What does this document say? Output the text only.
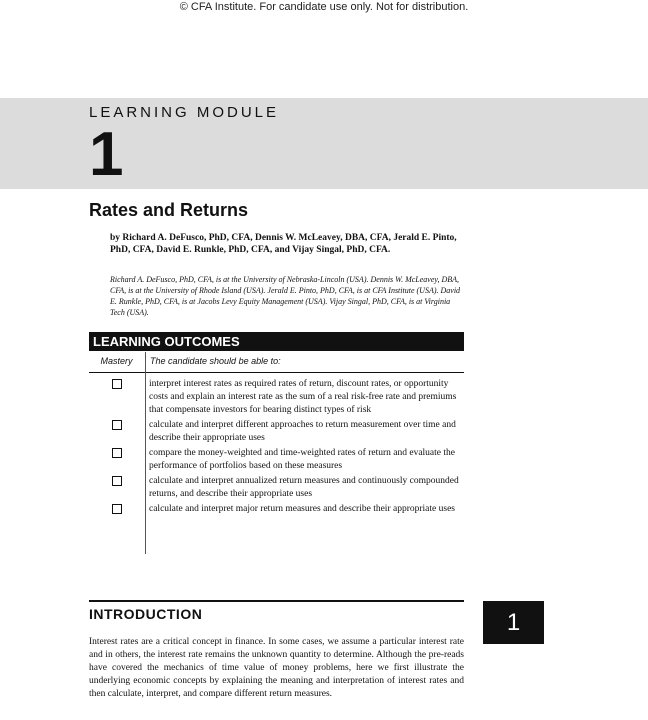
© CFA Institute. For candidate use only. Not for distribution.
LEARNING MODULE
1
Rates and Returns
by Richard A. DeFusco, PhD, CFA, Dennis W. McLeavey, DBA, CFA, Jerald E. Pinto, PhD, CFA, David E. Runkle, PhD, CFA, and Vijay Singal, PhD, CFA.
Richard A. DeFusco, PhD, CFA, is at the University of Nebraska-Lincoln (USA). Dennis W. McLeavey, DBA, CFA, is at the University of Rhode Island (USA). Jerald E. Pinto, PhD, CFA, is at CFA Institute (USA). David E. Runkle, PhD, CFA, is at Jacobs Levy Equity Management (USA). Vijay Singal, PhD, CFA, is at Virginia Tech (USA).
LEARNING OUTCOMES
Mastery	The candidate should be able to:
interpret interest rates as required rates of return, discount rates, or opportunity costs and explain an interest rate as the sum of a real risk-free rate and premiums that compensate investors for bearing distinct types of risk
calculate and interpret different approaches to return measurement over time and describe their appropriate uses
compare the money-weighted and time-weighted rates of return and evaluate the performance of portfolios based on these measures
calculate and interpret annualized return measures and continuously compounded returns, and describe their appropriate uses
calculate and interpret major return measures and describe their appropriate uses
INTRODUCTION	1
Interest rates are a critical concept in finance. In some cases, we assume a particular interest rate and in others, the interest rate remains the unknown quantity to determine. Although the pre-reads have covered the mechanics of time value of money problems, here we first illustrate the underlying economic concepts by explaining the meaning and interpretation of interest rates and then calculate, interpret, and compare different return measures.
